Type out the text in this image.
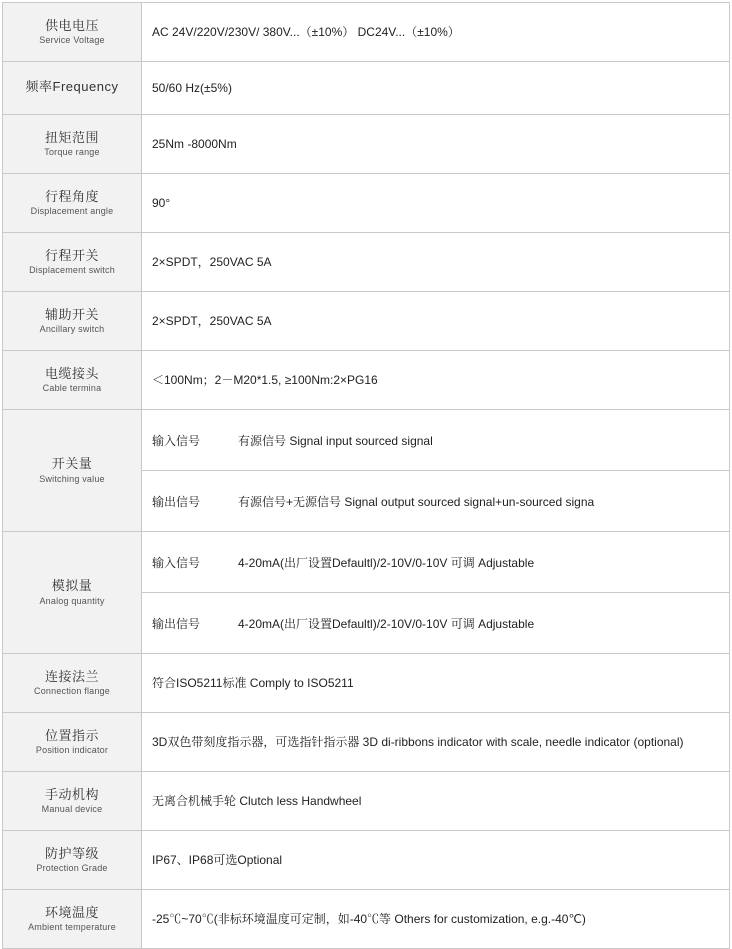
供电电压
Service Voltage
	AC 24V/220V/230V/ 380V...（±10%） DC24V...（±10%）

频率Frequency	50/60 Hz(±5%)

扭矩范围
Torque range
	25Nm -8000Nm

行程角度
Displacement angle
	90°

行程开关
Displacement switch
	2×SPDT，250VAC 5A

辅助开关
Ancillary switch
	2×SPDT，250VAC 5A

电缆接头
Cable termina
	＜100Nm；2－M20*1.5, ≥100Nm:2×PG16

开关量
Switching value

输入信号	有源信号 Signal input sourced signal

输出信号	有源信号+无源信号 Signal output sourced signal+un-sourced signa

模拟量
Analog quantity

输入信号	4-20mA(出厂设置Defaultl)/2-10V/0-10V 可调 Adjustable

输出信号	4-20mA(出厂设置Defaultl)/2-10V/0-10V 可调 Adjustable

连接法兰
Connection flange
	符合ISO5211标准 Comply to ISO5211

位置指示
Position indicator
	3D双色带刻度指示器，可选指针指示器 3D di-ribbons indicator with scale, needle indicator (optional)

手动机构
Manual device
	无离合机械手轮 Clutch less Handwheel

防护等级
Protection Grade
	IP67、IP68可选Optional

环境温度
Ambient temperature
	-25℃~70℃(非标环境温度可定制，如-40℃等 Others for customization, e.g.-40℃)
